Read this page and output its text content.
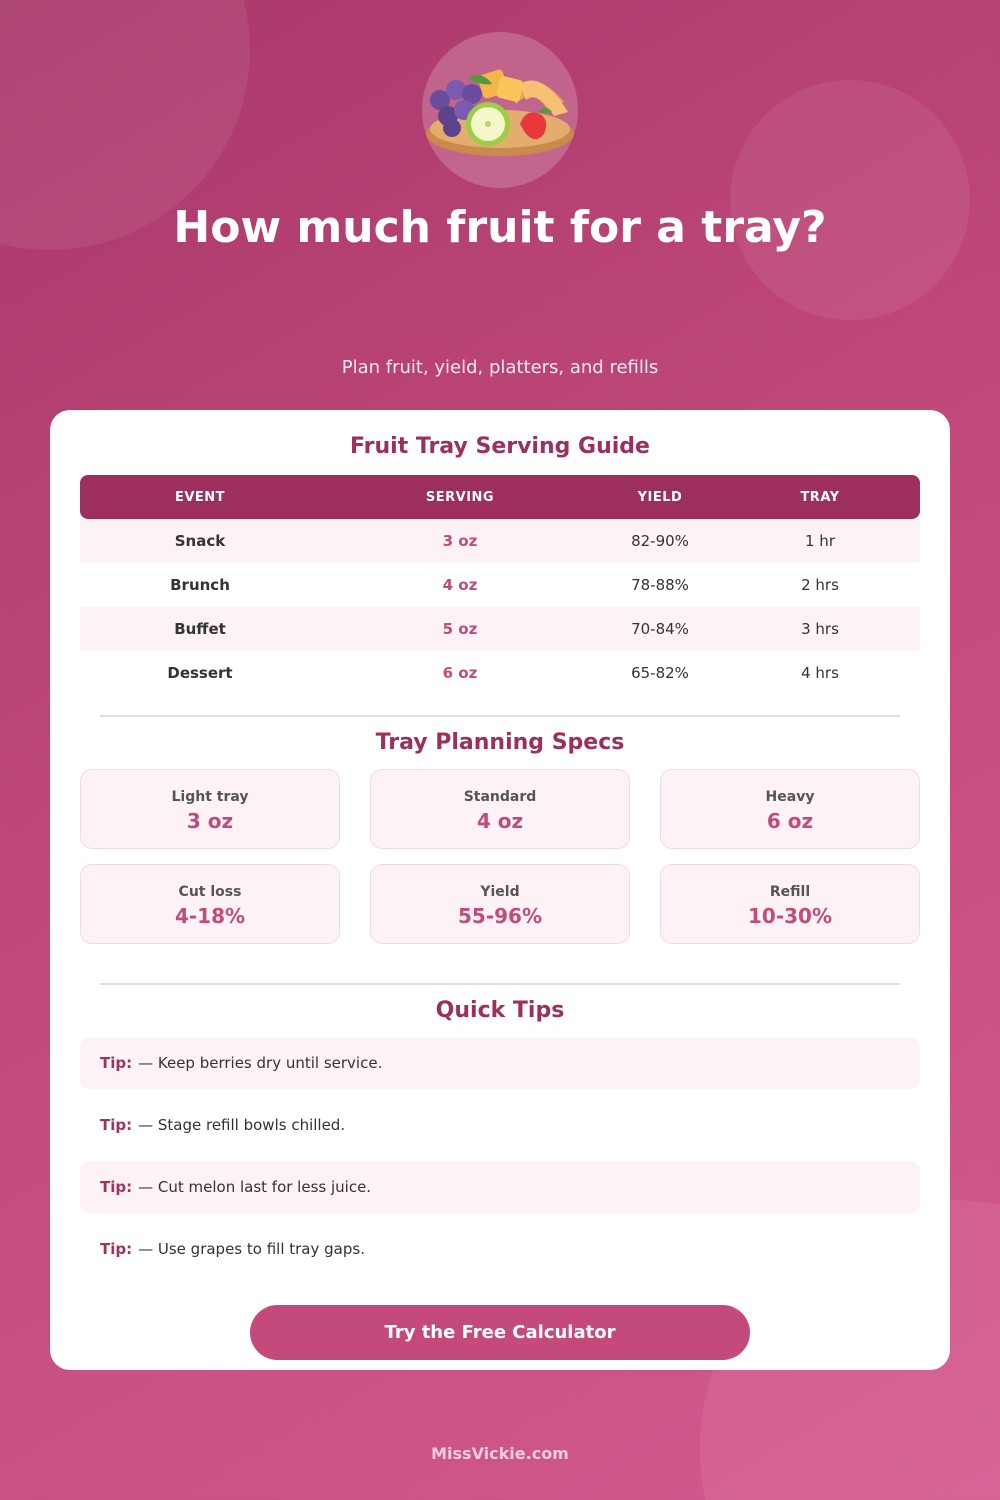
How much fruit for a tray?
Plan fruit, yield, platters, and refills
Fruit Tray Serving Guide
EVENT	SERVING	YIELD	TRAY
Snack	3 oz	82-90%	1 hr
Brunch	4 oz	78-88%	2 hrs
Buffet	5 oz	70-84%	3 hrs
Dessert	6 oz	65-82%	4 hrs
Tray Planning Specs
Light tray
3 oz
Standard
4 oz
Heavy
6 oz
Cut loss
4-18%
Yield
55-96%
Refill
10-30%
Quick Tips
Tip: — Keep berries dry until service.
Tip: — Stage refill bowls chilled.
Tip: — Cut melon last for less juice.
Tip: — Use grapes to fill tray gaps.
Try the Free Calculator
MissVickie.com
